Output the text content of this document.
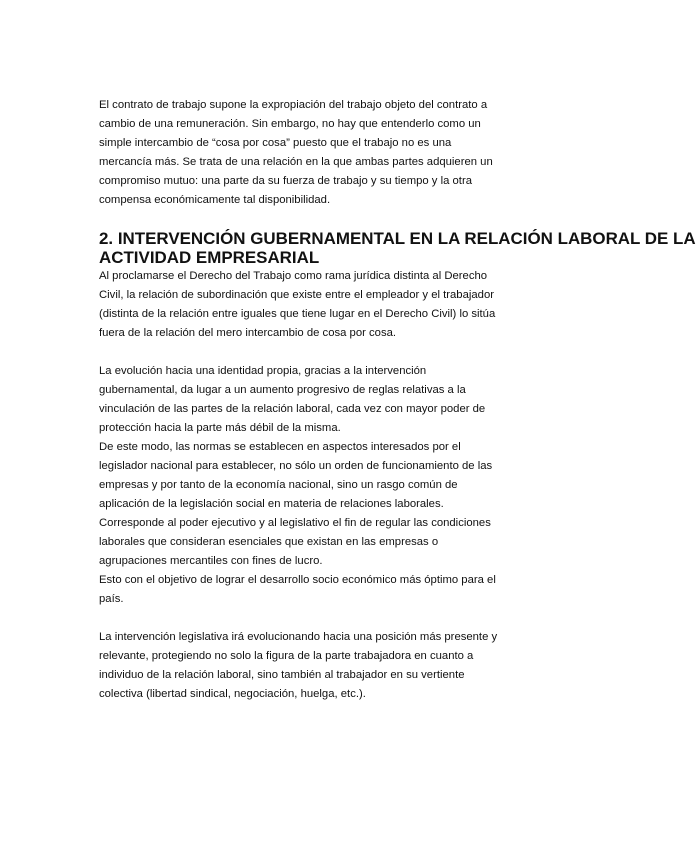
El contrato de trabajo supone la expropiación del trabajo objeto del contrato a
cambio de una remuneración. Sin embargo, no hay que entenderlo como un
simple intercambio de “cosa por cosa” puesto que el trabajo no es una
mercancía más. Se trata de una relación en la que ambas partes adquieren un
compromiso mutuo: una parte da su fuerza de trabajo y su tiempo y la otra
compensa económicamente tal disponibilidad.

2. INTERVENCIÓN GUBERNAMENTAL EN LA RELACIÓN LABORAL DE LA
ACTIVIDAD EMPRESARIAL

Al proclamarse el Derecho del Trabajo como rama jurídica distinta al Derecho
Civil, la relación de subordinación que existe entre el empleador y el trabajador
(distinta de la relación entre iguales que tiene lugar en el Derecho Civil) lo sitúa
fuera de la relación del mero intercambio de cosa por cosa.

La evolución hacia una identidad propia, gracias a la intervención
gubernamental, da lugar a un aumento progresivo de reglas relativas a la
vinculación de las partes de la relación laboral, cada vez con mayor poder de
protección hacia la parte más débil de la misma.
De este modo, las normas se establecen en aspectos interesados por el
legislador nacional para establecer, no sólo un orden de funcionamiento de las
empresas y por tanto de la economía nacional, sino un rasgo común de
aplicación de la legislación social en materia de relaciones laborales.
Corresponde al poder ejecutivo y al legislativo el fin de regular las condiciones
laborales que consideran esenciales que existan en las empresas o
agrupaciones mercantiles con fines de lucro.
Esto con el objetivo de lograr el desarrollo socio económico más óptimo para el
país.

La intervención legislativa irá evolucionando hacia una posición más presente y
relevante, protegiendo no solo la figura de la parte trabajadora en cuanto a
individuo de la relación laboral, sino también al trabajador en su vertiente
colectiva (libertad sindical, negociación, huelga, etc.).
